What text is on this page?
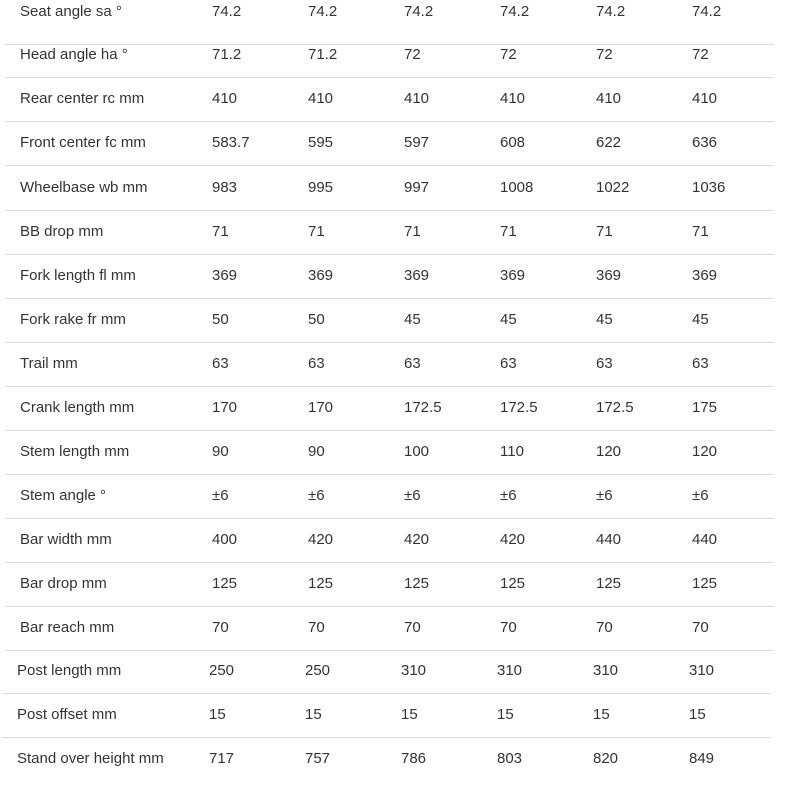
Seat angle sa °	74.2	74.2	74.2	74.2	74.2	74.2
Head angle ha °	71.2	71.2	72	72	72	72
Rear center rc mm	410	410	410	410	410	410
Front center fc mm	583.7	595	597	608	622	636
Wheelbase wb mm	983	995	997	1008	1022	1036
BB drop mm	71	71	71	71	71	71
Fork length fl mm	369	369	369	369	369	369
Fork rake fr mm	50	50	45	45	45	45
Trail mm	63	63	63	63	63	63
Crank length mm	170	170	172.5	172.5	172.5	175
Stem length mm	90	90	100	110	120	120
Stem angle °	±6	±6	±6	±6	±6	±6
Bar width mm	400	420	420	420	440	440
Bar drop mm	125	125	125	125	125	125
Bar reach mm	70	70	70	70	70	70
Post length mm	250	250	310	310	310	310
Post offset mm	15	15	15	15	15	15
Stand over height mm	717	757	786	803	820	849
